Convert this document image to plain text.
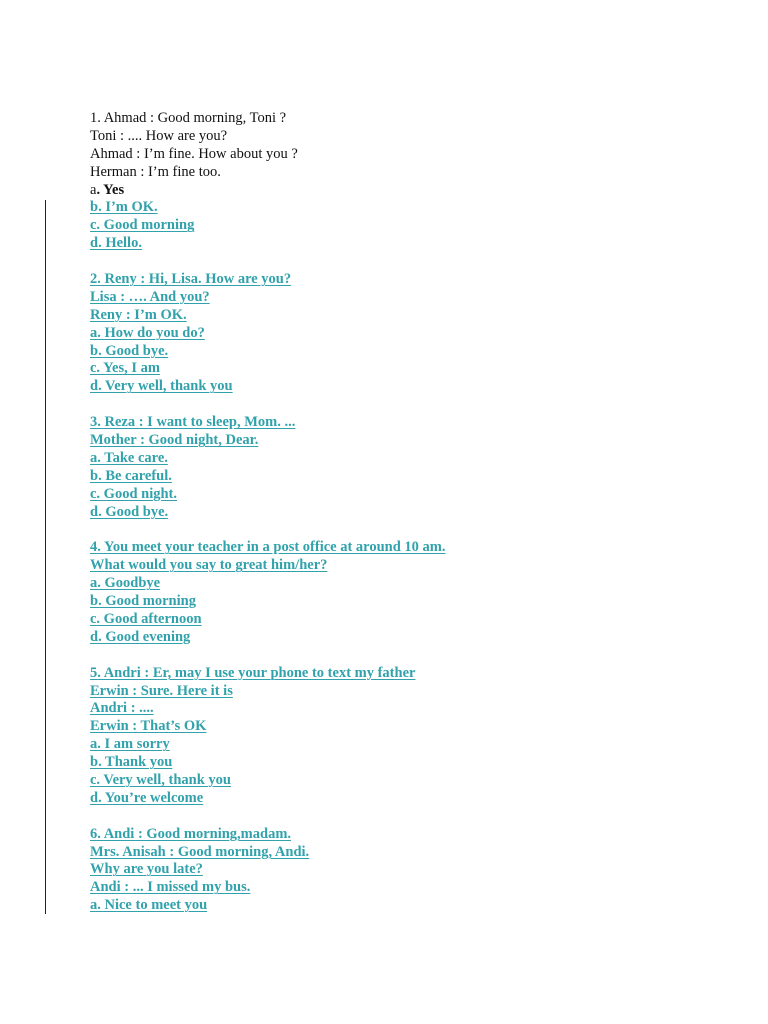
1. Ahmad : Good morning, Toni ?
Toni : .... How are you?
Ahmad : I’m fine. How about you ?
Herman : I’m fine too.
a. Yes
b. I’m OK.
c. Good morning
d. Hello.
2. Reny : Hi, Lisa. How are you?
Lisa : …. And you?
Reny : I’m OK.
a. How do you do?
b. Good bye.
c. Yes, I am
d. Very well, thank you
3. Reza : I want to sleep, Mom. ...
Mother : Good night, Dear.
a. Take care.
b. Be careful.
c. Good night.
d. Good bye.
4. You meet your teacher in a post office at around 10 am.
What would you say to great him/her?
a. Goodbye
b. Good morning
c. Good afternoon
d. Good evening
5. Andri : Er, may I use your phone to text my father
Erwin : Sure. Here it is
Andri : ....
Erwin : That’s OK
a. I am sorry
b. Thank you
c. Very well, thank you
d. You’re welcome
6. Andi : Good morning,madam.
Mrs. Anisah : Good morning, Andi.
Why are you late?
Andi : ... I missed my bus.
a. Nice to meet you
